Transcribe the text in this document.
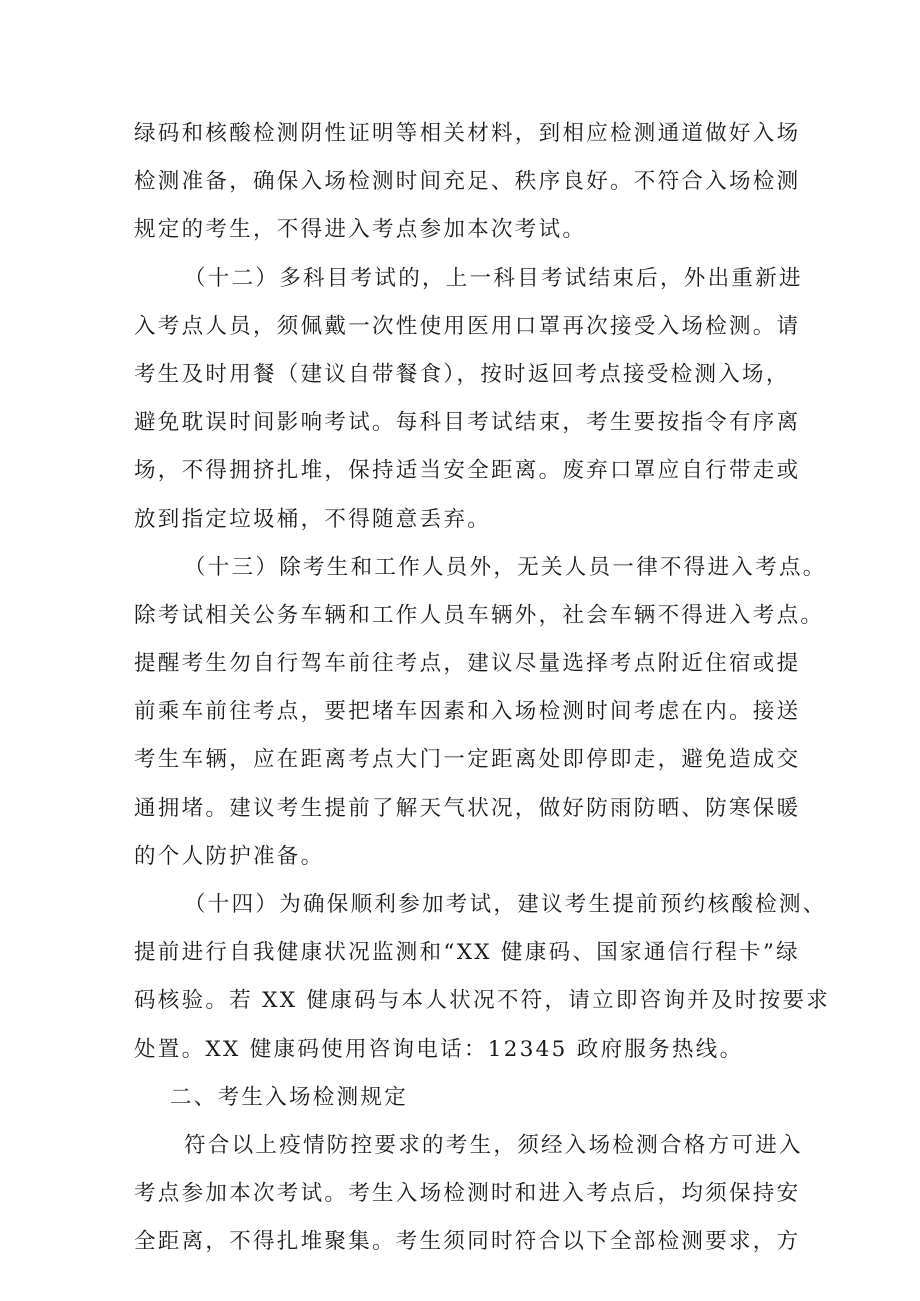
绿码和核酸检测阴性证明等相关材料，到相应检测通道做好入场
检测准备，确保入场检测时间充足、秩序良好。不符合入场检测
规定的考生，不得进入考点参加本次考试。
（十二）多科目考试的，上一科目考试结束后，外出重新进
入考点人员，须佩戴一次性使用医用口罩再次接受入场检测。请
考生及时用餐（建议自带餐食），按时返回考点接受检测入场，
避免耽误时间影响考试。每科目考试结束，考生要按指令有序离
场，不得拥挤扎堆，保持适当安全距离。废弃口罩应自行带走或
放到指定垃圾桶，不得随意丢弃。
（十三）除考生和工作人员外，无关人员一律不得进入考点。
除考试相关公务车辆和工作人员车辆外，社会车辆不得进入考点。
提醒考生勿自行驾车前往考点，建议尽量选择考点附近住宿或提
前乘车前往考点，要把堵车因素和入场检测时间考虑在内。接送
考生车辆，应在距离考点大门一定距离处即停即走，避免造成交
通拥堵。建议考生提前了解天气状况，做好防雨防晒、防寒保暖
的个人防护准备。
（十四）为确保顺利参加考试，建议考生提前预约核酸检测、
提前进行自我健康状况监测和“XX 健康码、国家通信行程卡”绿
码核验。若 XX 健康码与本人状况不符，请立即咨询并及时按要求
处置。XX 健康码使用咨询电话：12345 政府服务热线。
二、考生入场检测规定
符合以上疫情防控要求的考生，须经入场检测合格方可进入
考点参加本次考试。考生入场检测时和进入考点后，均须保持安
全距离，不得扎堆聚集。考生须同时符合以下全部检测要求，方
